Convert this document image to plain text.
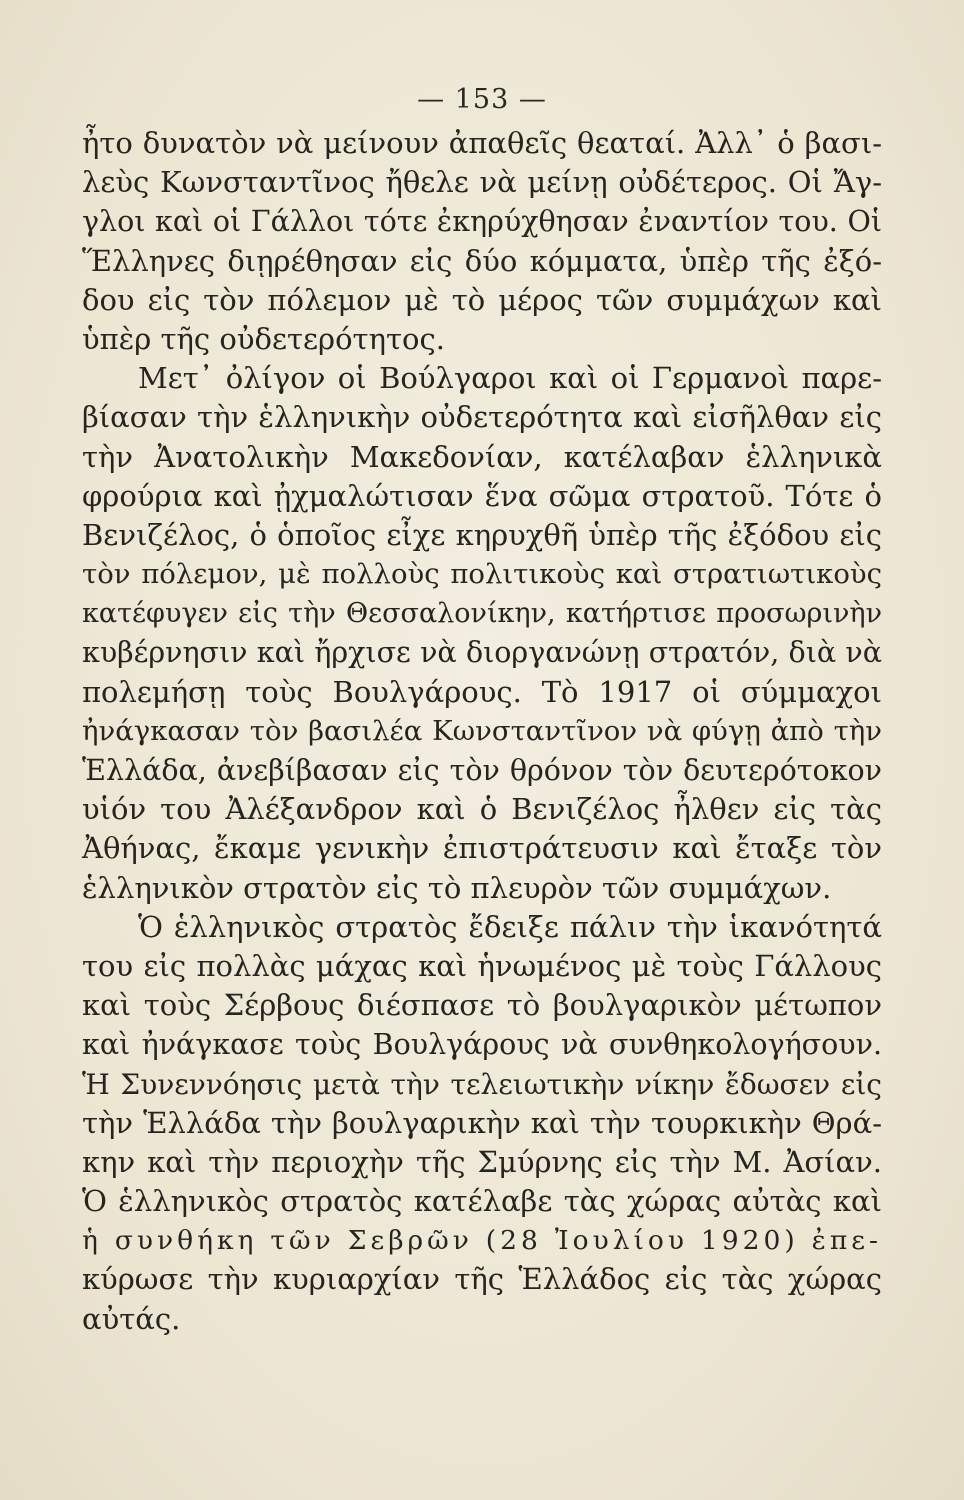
— 153 —
ἦτο δυνατὸν νὰ μείνουν ἀπαθεῖς θεαταί. Ἀλλ᾽ ὁ βασι-
λεὺς Κωνσταντῖνος ἤθελε νὰ μείνῃ οὐδέτερος. Οἱ Ἄγ-
γλοι καὶ οἱ Γάλλοι τότε ἐκηρύχθησαν ἐναντίον του. Οἱ
Ἕλληνες διῃρέθησαν εἰς δύο κόμματα, ὑπὲρ τῆς ἐξό-
δου εἰς τὸν πόλεμον μὲ τὸ μέρος τῶν συμμάχων καὶ
ὑπὲρ τῆς οὐδετερότητος.
Μετ᾽ ὀλίγον οἱ Βούλγαροι καὶ οἱ Γερμανοὶ παρε-
βίασαν τὴν ἑλληνικὴν οὐδετερότητα καὶ εἰσῆλθαν εἰς
τὴν Ἀνατολικὴν Μακεδονίαν, κατέλαβαν ἑλληνικὰ
φρούρια καὶ ᾐχμαλώτισαν ἕνα σῶμα στρατοῦ. Τότε ὁ
Βενιζέλος, ὁ ὁποῖος εἶχε κηρυχθῆ ὑπὲρ τῆς ἐξόδου εἰς
τὸν πόλεμον, μὲ πολλοὺς πολιτικοὺς καὶ στρατιωτικοὺς
κατέφυγεν εἰς τὴν Θεσσαλονίκην, κατήρτισε προσωρινὴν
κυβέρνησιν καὶ ἤρχισε νὰ διοργανώνῃ στρατόν, διὰ νὰ
πολεμήσῃ τοὺς Βουλγάρους. Τὸ 1917 οἱ σύμμαχοι
ἠνάγκασαν τὸν βασιλέα Κωνσταντῖνον νὰ φύγῃ ἀπὸ τὴν
Ἑλλάδα, ἀνεβίβασαν εἰς τὸν θρόνον τὸν δευτερότοκον
υἱόν του Ἀλέξανδρον καὶ ὁ Βενιζέλος ἦλθεν εἰς τὰς
Ἀθήνας, ἔκαμε γενικὴν ἐπιστράτευσιν καὶ ἔταξε τὸν
ἑλληνικὸν στρατὸν εἰς τὸ πλευρὸν τῶν συμμάχων.
Ὁ ἑλληνικὸς στρατὸς ἔδειξε πάλιν τὴν ἱκανότητά
του εἰς πολλὰς μάχας καὶ ἡνωμένος μὲ τοὺς Γάλλους
καὶ τοὺς Σέρβους διέσπασε τὸ βουλγαρικὸν μέτωπον
καὶ ἠνάγκασε τοὺς Βουλγάρους νὰ συνθηκολογήσουν.
Ἡ Συνεννόησις μετὰ τὴν τελειωτικὴν νίκην ἔδωσεν εἰς
τὴν Ἑλλάδα τὴν βουλγαρικὴν καὶ τὴν τουρκικὴν Θρά-
κην καὶ τὴν περιοχὴν τῆς Σμύρνης εἰς τὴν Μ. Ἀσίαν.
Ὁ ἑλληνικὸς στρατὸς κατέλαβε τὰς χώρας αὐτὰς καὶ
ἡ συνθήκη τῶν Σεβρῶν (28 Ἰουλίου 1920) ἐπε-
κύρωσε τὴν κυριαρχίαν τῆς Ἑλλάδος εἰς τὰς χώρας
αὐτάς.
